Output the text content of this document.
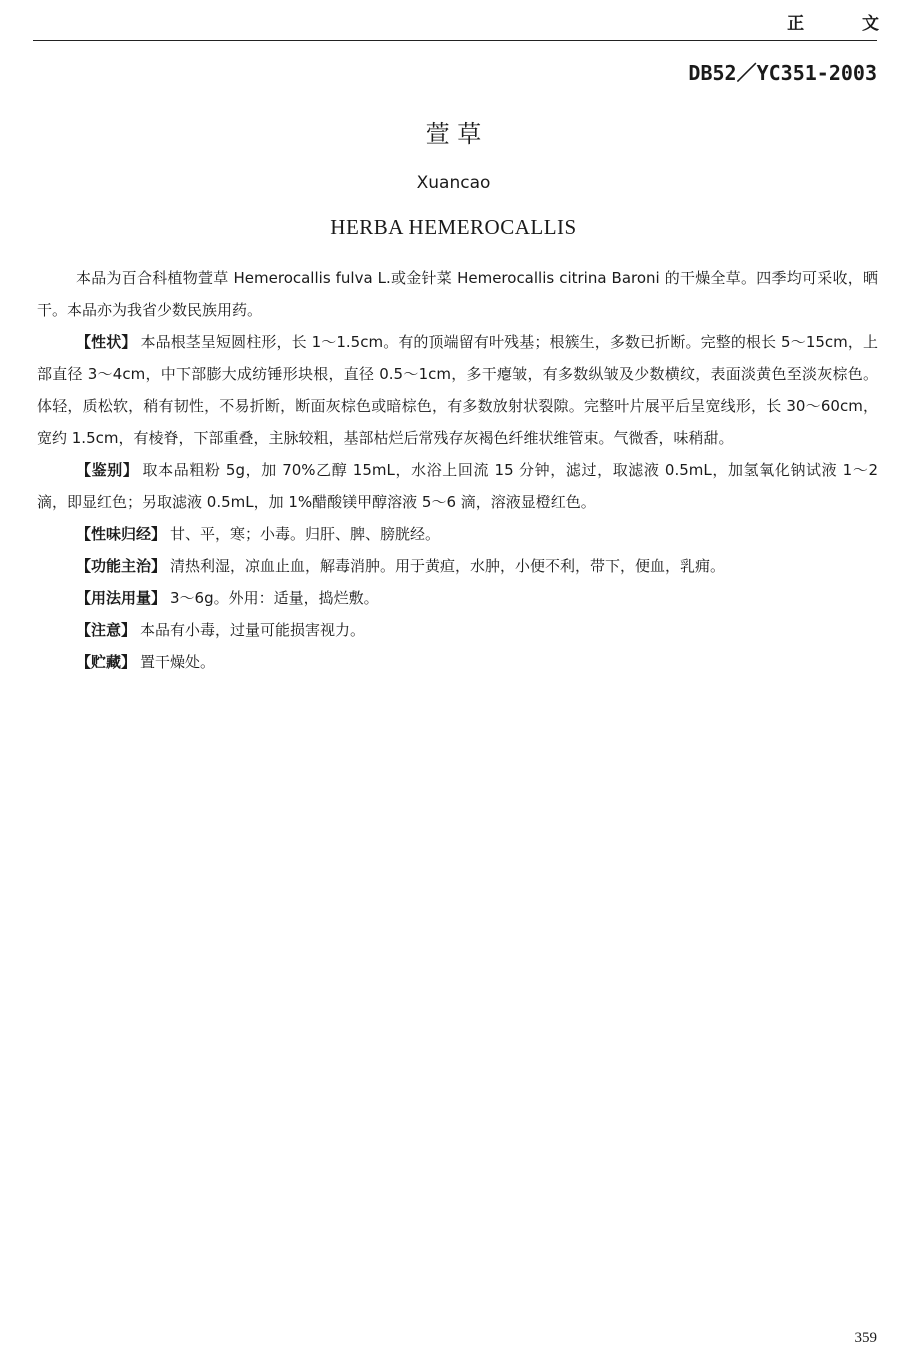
正 文
DB52／YC351-2003
萱 草
Xuancao
HERBA HEMEROCALLIS

本品为百合科植物萱草 Hemerocallis fulva L.或金针菜 Hemerocallis citrina Baroni 的干燥全草。四季均可采收，晒干。本品亦为我省少数民族用药。

【性状】 本品根茎呈短圆柱形，长 1～1.5cm。有的顶端留有叶残基；根簇生，多数已折断。完整的根长 5～15cm，上部直径 3～4cm，中下部膨大成纺锤形块根，直径 0.5～1cm，多干瘪皱，有多数纵皱及少数横纹，表面淡黄色至淡灰棕色。体轻，质松软，稍有韧性，不易折断，断面灰棕色或暗棕色，有多数放射状裂隙。完整叶片展平后呈宽线形，长 30～60cm，宽约 1.5cm，有棱脊，下部重叠，主脉较粗，基部枯烂后常残存灰褐色纤维状维管束。气微香，味稍甜。

【鉴别】 取本品粗粉 5g，加 70%乙醇 15mL，水浴上回流 15 分钟，滤过，取滤液 0.5mL，加氢氧化钠试液 1～2 滴，即显红色；另取滤液 0.5mL，加 1%醋酸镁甲醇溶液 5～6 滴，溶液显橙红色。

【性味归经】 甘、平，寒；小毒。归肝、脾、膀胱经。

【功能主治】 清热利湿，凉血止血，解毒消肿。用于黄疸，水肿，小便不利，带下，便血，乳痈。

【用法用量】 3～6g。外用：适量，捣烂敷。

【注意】 本品有小毒，过量可能损害视力。

【贮藏】 置干燥处。

359
